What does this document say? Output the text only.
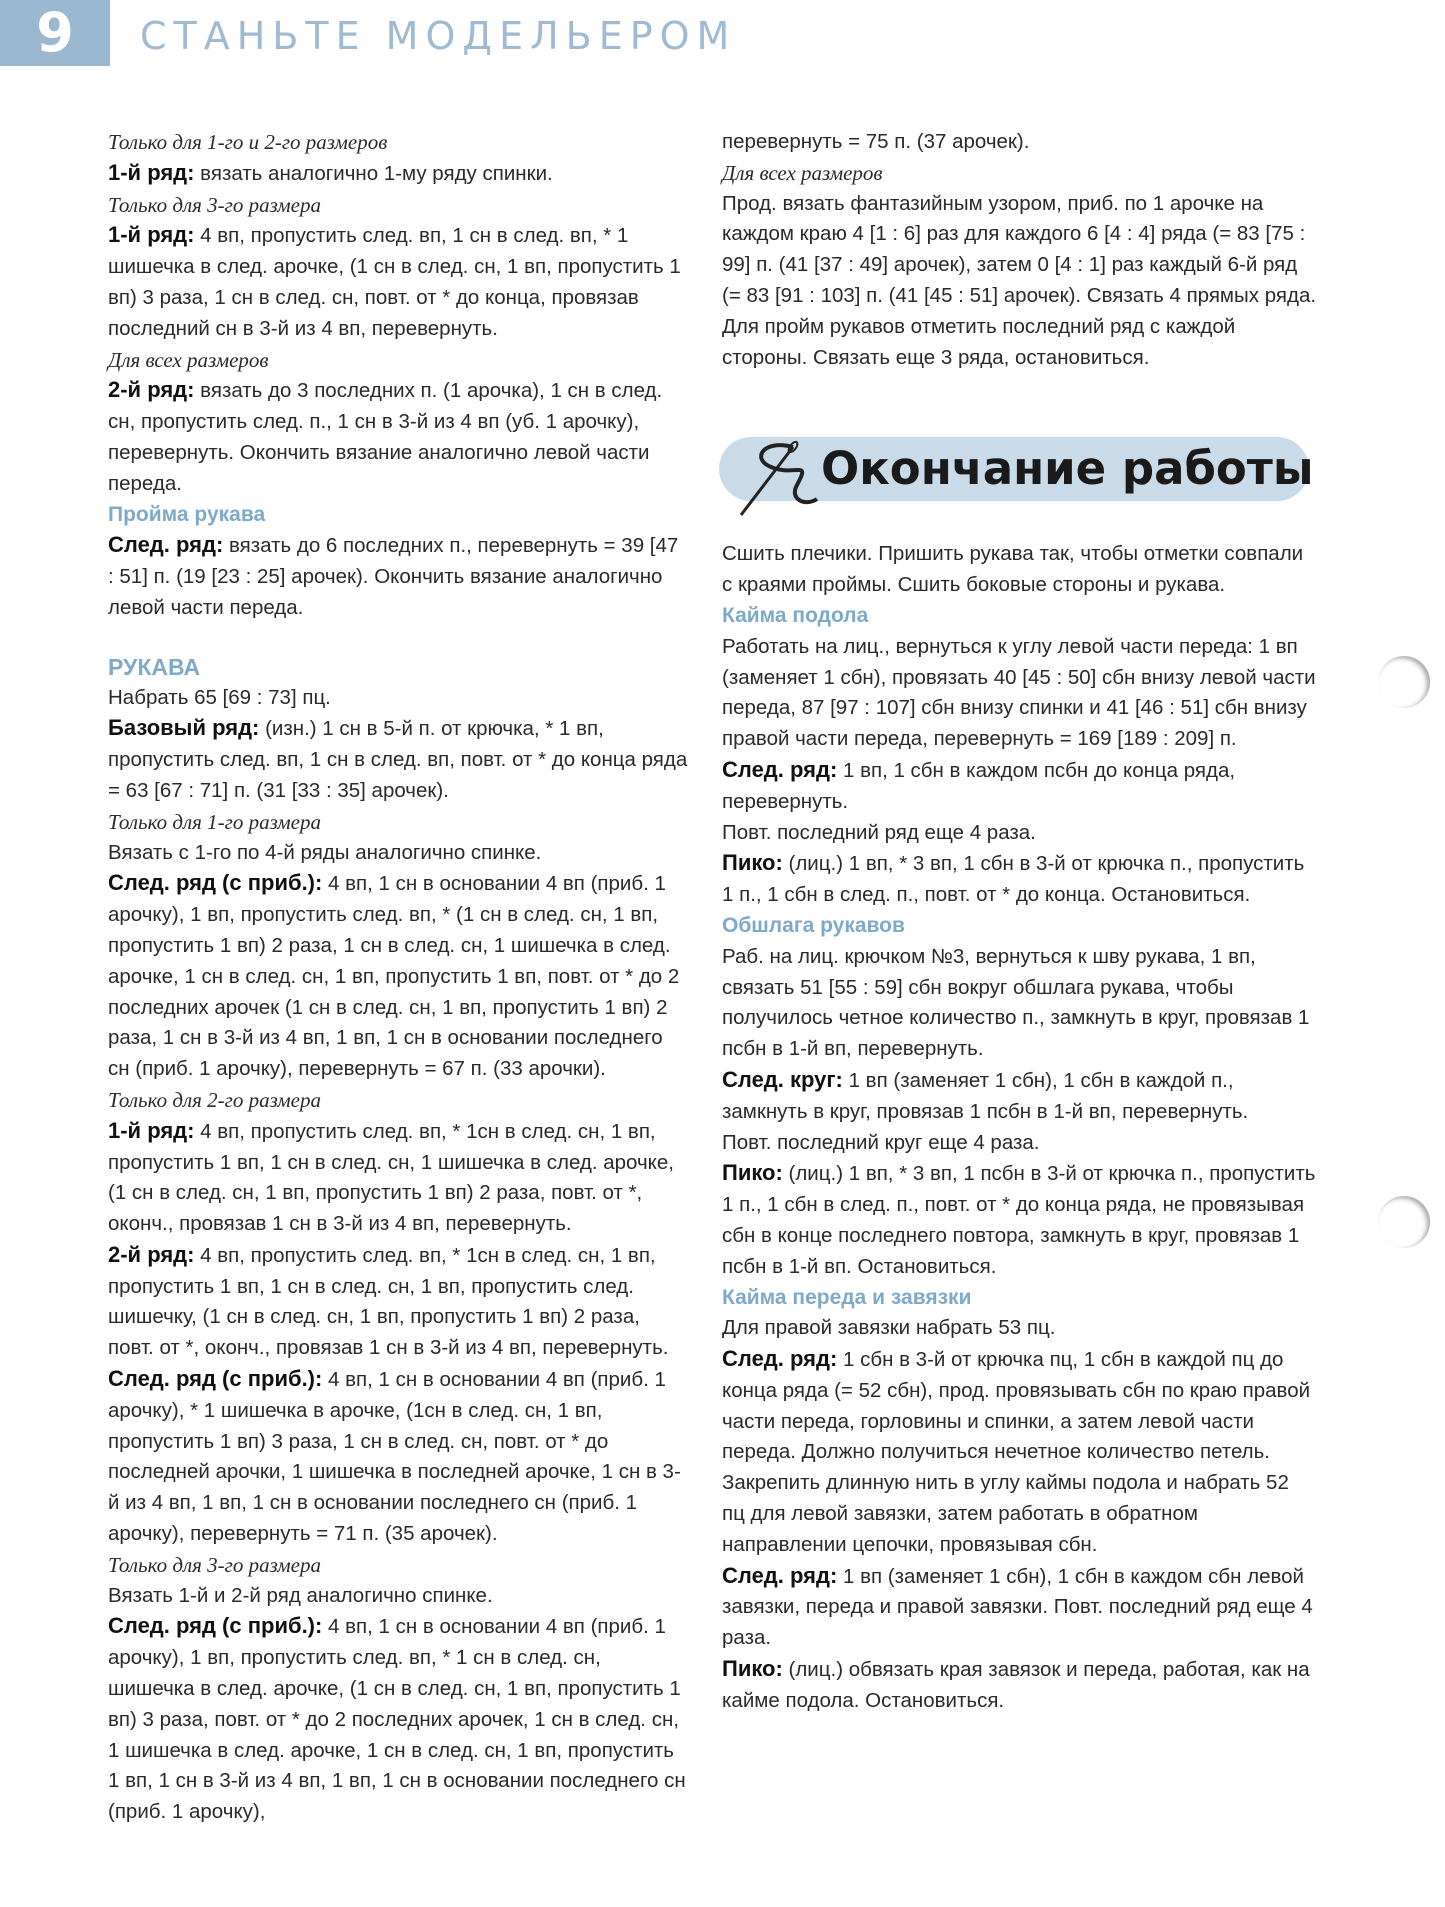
9	СТАНЬТЕ МОДЕЛЬЕРОМ

Только для 1-го и 2-го размеров

1-й ряд: вязать аналогично 1-му ряду спинки.

Только для 3-го размера

1-й ряд: 4 вп, пропустить след. вп, 1 сн в след. вп, * 1 шишечка в след. арочке, (1 сн в след. сн, 1 вп, пропустить 1 вп) 3 раза, 1 сн в след. сн, повт. от * до конца, провязав последний сн в 3-й из 4 вп, перевернуть.

Для всех размеров

2-й ряд: вязать до 3 последних п. (1 арочка), 1 сн в след. сн, пропустить след. п., 1 сн в 3-й из 4 вп (уб. 1 арочку), перевернуть. Окончить вязание аналогично левой части переда.

Пройма рукава

След. ряд: вязать до 6 последних п., перевернуть = 39 [47 : 51] п. (19 [23 : 25] арочек). Окончить вязание аналогично левой части переда.

РУКАВА

Набрать 65 [69 : 73] пц.

Базовый ряд: (изн.) 1 сн в 5-й п. от крючка, * 1 вп, пропустить след. вп, 1 сн в след. вп, повт. от * до конца ряда = 63 [67 : 71] п. (31 [33 : 35] арочек).

Только для 1-го размера

Вязать с 1-го по 4-й ряды аналогично спинке.

След. ряд (с приб.): 4 вп, 1 сн в основании 4 вп (приб. 1 арочку), 1 вп, пропустить след. вп, * (1 сн в след. сн, 1 вп, пропустить 1 вп) 2 раза, 1 сн в след. сн, 1 шишечка в след. арочке, 1 сн в след. сн, 1 вп, пропустить 1 вп, повт. от * до 2 последних арочек (1 сн в след. сн, 1 вп, пропустить 1 вп) 2 раза, 1 сн в 3-й из 4 вп, 1 вп, 1 сн в основании последнего сн (приб. 1 арочку), перевернуть = 67 п. (33 арочки).

Только для 2-го размера

1-й ряд: 4 вп, пропустить след. вп, * 1сн в след. сн, 1 вп, пропустить 1 вп, 1 сн в след. сн, 1 шишечка в след. арочке, (1 сн в след. сн, 1 вп, пропустить 1 вп) 2 раза, повт. от *, оконч., провязав 1 сн в 3-й из 4 вп, перевернуть.

2-й ряд: 4 вп, пропустить след. вп, * 1сн в след. сн, 1 вп, пропустить 1 вп, 1 сн в след. сн, 1 вп, пропустить след. шишечку, (1 сн в след. сн, 1 вп, пропустить 1 вп) 2 раза, повт. от *, оконч., провязав 1 сн в 3-й из 4 вп, перевернуть.

След. ряд (с приб.): 4 вп, 1 сн в основании 4 вп (приб. 1 арочку), * 1 шишечка в арочке, (1сн в след. сн, 1 вп, пропустить 1 вп) 3 раза, 1 сн в след. сн, повт. от * до последней арочки, 1 шишечка в последней арочке, 1 сн в 3-й из 4 вп, 1 вп, 1 сн в основании последнего сн (приб. 1 арочку), перевернуть = 71 п. (35 арочек).

Только для 3-го размера

Вязать 1-й и 2-й ряд аналогично спинке.

След. ряд (с приб.): 4 вп, 1 сн в основании 4 вп (приб. 1 арочку), 1 вп, пропустить след. вп, * 1 сн в след. сн, шишечка в след. арочке, (1 сн в след. сн, 1 вп, пропустить 1 вп) 3 раза, повт. от * до 2 последних арочек, 1 сн в след. сн, 1 шишечка в след. арочке, 1 сн в след. сн, 1 вп, пропустить 1 вп, 1 сн в 3-й из 4 вп, 1 вп, 1 сн в основании последнего сн (приб. 1 арочку),

перевернуть = 75 п. (37 арочек).

Для всех размеров

Прод. вязать фантазийным узором, приб. по 1 арочке на каждом краю 4 [1 : 6] раз для каждого 6 [4 : 4] ряда (= 83 [75 : 99] п. (41 [37 : 49] арочек), затем 0 [4 : 1] раз каждый 6-й ряд (= 83 [91 : 103] п. (41 [45 : 51] арочек). Связать 4 прямых ряда. Для пройм рукавов отметить последний ряд с каждой стороны. Связать еще 3 ряда, остановиться.

Окончание работы

Сшить плечики. Пришить рукава так, чтобы отметки совпали с краями проймы. Сшить боковые стороны и рукава.

Кайма подола

Работать на лиц., вернуться к углу левой части переда: 1 вп (заменяет 1 сбн), провязать 40 [45 : 50] сбн внизу левой части переда, 87 [97 : 107] сбн внизу спинки и 41 [46 : 51] сбн внизу правой части переда, перевернуть = 169 [189 : 209] п.

След. ряд: 1 вп, 1 сбн в каждом псбн до конца ряда, перевернуть.

Повт. последний ряд еще 4 раза.

Пико: (лиц.) 1 вп, * 3 вп, 1 сбн в 3-й от крючка п., пропустить 1 п., 1 сбн в след. п., повт. от * до конца. Остановиться.

Обшлага рукавов

Раб. на лиц. крючком №3, вернуться к шву рукава, 1 вп, связать 51 [55 : 59] сбн вокруг обшлага рукава, чтобы получилось четное количество п., замкнуть в круг, провязав 1 псбн в 1-й вп, перевернуть.

След. круг: 1 вп (заменяет 1 сбн), 1 сбн в каждой п., замкнуть в круг, провязав 1 псбн в 1-й вп, перевернуть.

Повт. последний круг еще 4 раза.

Пико: (лиц.) 1 вп, * 3 вп, 1 псбн в 3-й от крючка п., пропустить 1 п., 1 сбн в след. п., повт. от * до конца ряда, не провязывая сбн в конце последнего повтора, замкнуть в круг, провязав 1 псбн в 1-й вп. Остановиться.

Кайма переда и завязки

Для правой завязки набрать 53 пц.

След. ряд: 1 сбн в 3-й от крючка пц, 1 сбн в каждой пц до конца ряда (= 52 сбн), прод. провязывать сбн по краю правой части переда, горловины и спинки, а затем левой части переда. Должно получиться нечетное количество петель. Закрепить длинную нить в углу каймы подола и набрать 52 пц для левой завязки, затем работать в обратном направлении цепочки, провязывая сбн.

След. ряд: 1 вп (заменяет 1 сбн), 1 сбн в каждом сбн левой завязки, переда и правой завязки. Повт. последний ряд еще 4 раза.

Пико: (лиц.) обвязать края завязок и переда, работая, как на кайме подола. Остановиться.
